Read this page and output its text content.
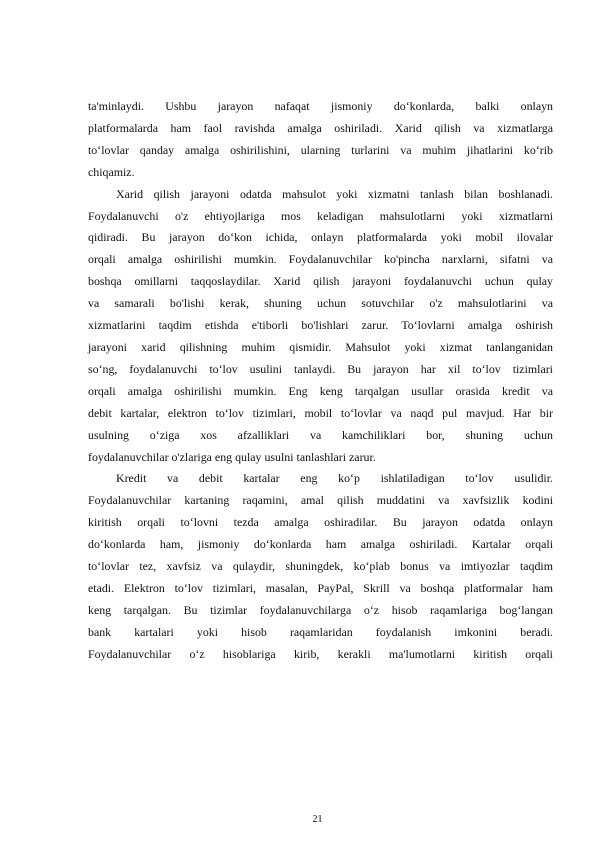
ta'minlaydi. Ushbu jarayon nafaqat jismoniy do‘konlarda, balki onlayn
platformalarda ham faol ravishda amalga oshiriladi. Xarid qilish va xizmatlarga
to‘lovlar qanday amalga oshirilishini, ularning turlarini va muhim jihatlarini ko‘rib
chiqamiz.
Xarid qilish jarayoni odatda mahsulot yoki xizmatni tanlash bilan boshlanadi.
Foydalanuvchi o'z ehtiyojlariga mos keladigan mahsulotlarni yoki xizmatlarni
qidiradi. Bu jarayon do‘kon ichida, onlayn platformalarda yoki mobil ilovalar
orqali amalga oshirilishi mumkin. Foydalanuvchilar ko'pincha narxlarni, sifatni va
boshqa omillarni taqqoslaydilar. Xarid qilish jarayoni foydalanuvchi uchun qulay
va samarali bo'lishi kerak, shuning uchun sotuvchilar o'z mahsulotlarini va
xizmatlarini taqdim etishda e'tiborli bo'lishlari zarur. To‘lovlarni amalga oshirish
jarayoni xarid qilishning muhim qismidir. Mahsulot yoki xizmat tanlanganidan
so‘ng, foydalanuvchi to‘lov usulini tanlaydi. Bu jarayon har xil to‘lov tizimlari
orqali amalga oshirilishi mumkin. Eng keng tarqalgan usullar orasida kredit va
debit kartalar, elektron to‘lov tizimlari, mobil to‘lovlar va naqd pul mavjud. Har bir
usulning o‘ziga xos afzalliklari va kamchiliklari bor, shuning uchun
foydalanuvchilar o'zlariga eng qulay usulni tanlashlari zarur.
Kredit va debit kartalar eng ko‘p ishlatiladigan to‘lov usulidir.
Foydalanuvchilar kartaning raqamini, amal qilish muddatini va xavfsizlik kodini
kiritish orqali to‘lovni tezda amalga oshiradilar. Bu jarayon odatda onlayn
do‘konlarda ham, jismoniy do‘konlarda ham amalga oshiriladi. Kartalar orqali
to‘lovlar tez, xavfsiz va qulaydir, shuningdek, ko‘plab bonus va imtiyozlar taqdim
etadi. Elektron to‘lov tizimlari, masalan, PayPal, Skrill va boshqa platformalar ham
keng tarqalgan. Bu tizimlar foydalanuvchilarga o‘z hisob raqamlariga bog‘langan
bank kartalari yoki hisob raqamlaridan foydalanish imkonini beradi.
Foydalanuvchilar o‘z hisoblariga kirib, kerakli ma'lumotlarni kiritish orqali
21
